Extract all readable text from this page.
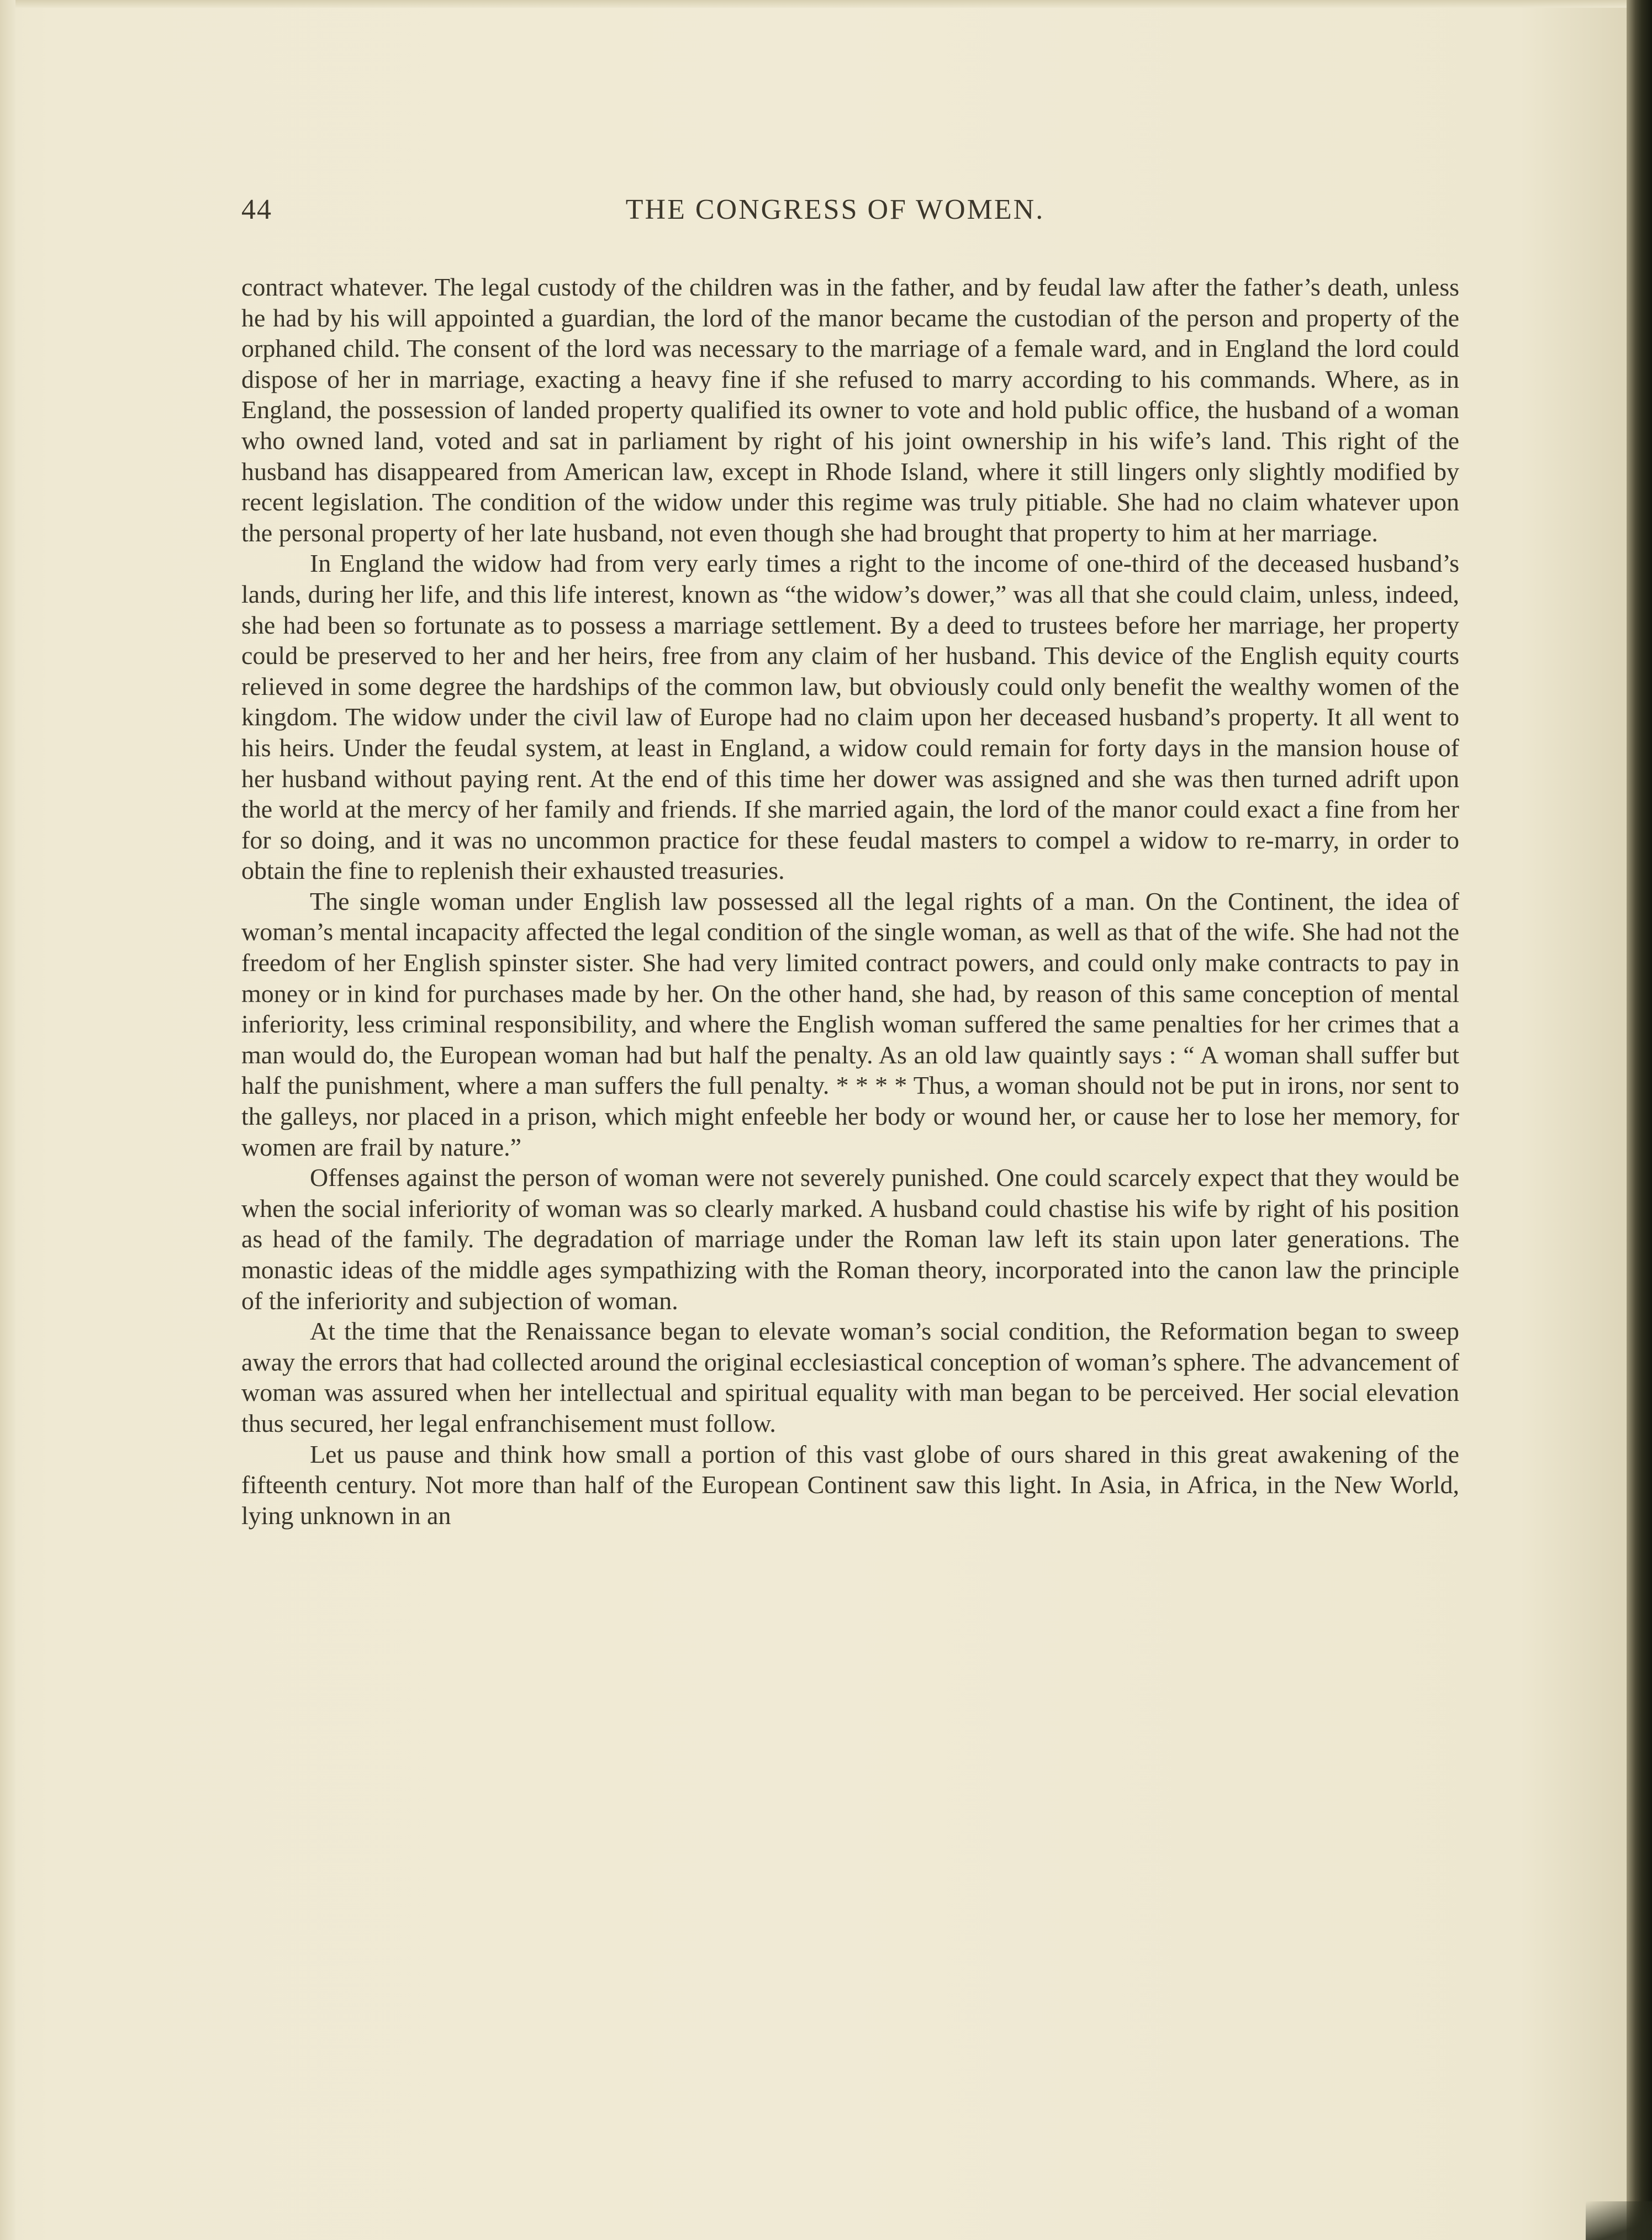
44	THE CONGRESS OF WOMEN.

contract whatever. The legal custody of the children was in the father, and by feudal law after the father’s death, unless he had by his will appointed a guardian, the lord of the manor became the custodian of the person and property of the orphaned child. The consent of the lord was necessary to the marriage of a female ward, and in England the lord could dispose of her in marriage, exacting a heavy fine if she refused to marry according to his commands. Where, as in England, the possession of landed property qualified its owner to vote and hold public office, the husband of a woman who owned land, voted and sat in parliament by right of his joint ownership in his wife’s land. This right of the husband has disappeared from American law, except in Rhode Island, where it still lingers only slightly modified by recent legislation. The condition of the widow under this regime was truly pitiable. She had no claim whatever upon the personal property of her late husband, not even though she had brought that property to him at her marriage.

In England the widow had from very early times a right to the income of one-third of the deceased husband’s lands, during her life, and this life interest, known as “the widow’s dower,” was all that she could claim, unless, indeed, she had been so fortunate as to possess a marriage settlement. By a deed to trustees before her marriage, her property could be preserved to her and her heirs, free from any claim of her husband. This device of the English equity courts relieved in some degree the hardships of the common law, but obviously could only benefit the wealthy women of the kingdom. The widow under the civil law of Europe had no claim upon her deceased husband’s property. It all went to his heirs. Under the feudal system, at least in England, a widow could remain for forty days in the mansion house of her husband without paying rent. At the end of this time her dower was assigned and she was then turned adrift upon the world at the mercy of her family and friends. If she married again, the lord of the manor could exact a fine from her for so doing, and it was no uncommon practice for these feudal masters to compel a widow to re-marry, in order to obtain the fine to replenish their exhausted treasuries.

The single woman under English law possessed all the legal rights of a man. On the Continent, the idea of woman’s mental incapacity affected the legal condition of the single woman, as well as that of the wife. She had not the freedom of her English spinster sister. She had very limited contract powers, and could only make contracts to pay in money or in kind for purchases made by her. On the other hand, she had, by reason of this same conception of mental inferiority, less criminal responsibility, and where the English woman suffered the same penalties for her crimes that a man would do, the European woman had but half the penalty. As an old law quaintly says : “ A woman shall suffer but half the punishment, where a man suffers the full penalty. * * * * Thus, a woman should not be put in irons, nor sent to the galleys, nor placed in a prison, which might enfeeble her body or wound her, or cause her to lose her memory, for women are frail by nature.”

Offenses against the person of woman were not severely punished. One could scarcely expect that they would be when the social inferiority of woman was so clearly marked. A husband could chastise his wife by right of his position as head of the family. The degradation of marriage under the Roman law left its stain upon later generations. The monastic ideas of the middle ages sympathizing with the Roman theory, incorporated into the canon law the principle of the inferiority and subjection of woman.

At the time that the Renaissance began to elevate woman’s social condition, the Reformation began to sweep away the errors that had collected around the original ecclesiastical conception of woman’s sphere. The advancement of woman was assured when her intellectual and spiritual equality with man began to be perceived. Her social elevation thus secured, her legal enfranchisement must follow.

Let us pause and think how small a portion of this vast globe of ours shared in this great awakening of the fifteenth century. Not more than half of the European Continent saw this light. In Asia, in Africa, in the New World, lying unknown in an
